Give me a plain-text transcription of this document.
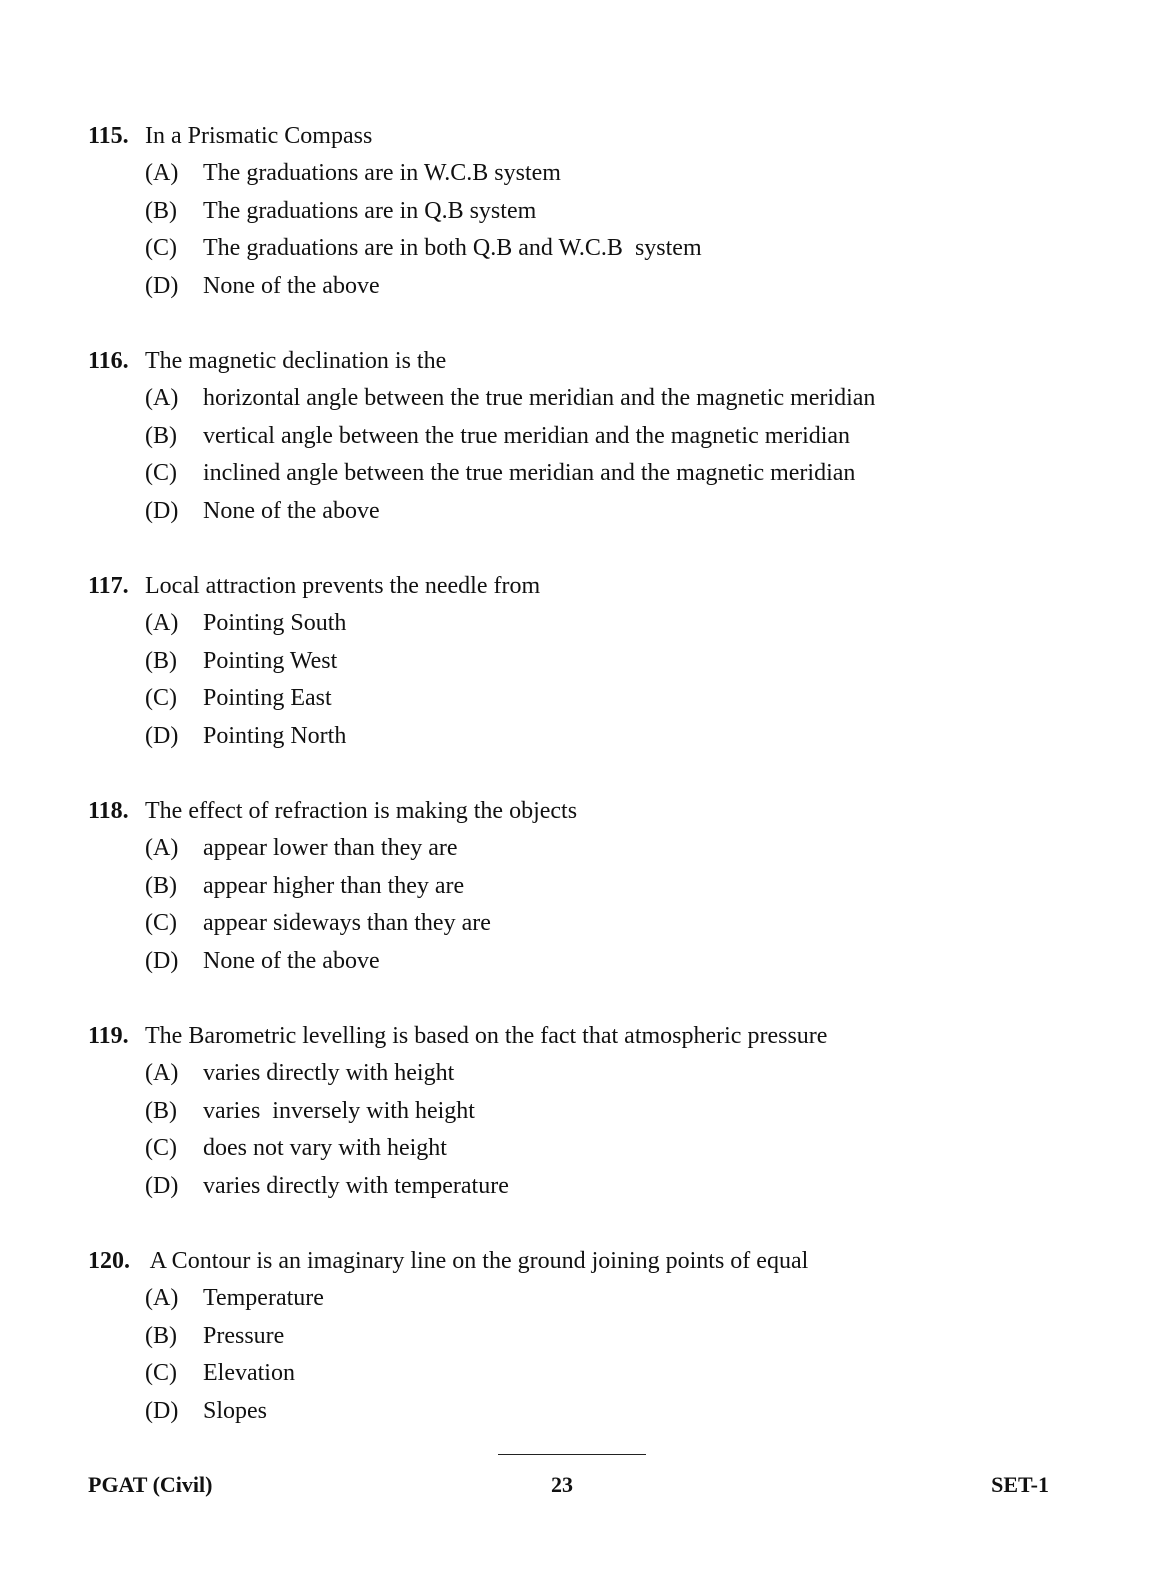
115. In a Prismatic Compass
(A)	The graduations are in W.C.B system
(B)	The graduations are in Q.B system
(C)	The graduations are in both Q.B and W.C.B  system
(D)	None of the above
116. The magnetic declination is the
(A)	horizontal angle between the true meridian and the magnetic meridian
(B)	vertical angle between the true meridian and the magnetic meridian
(C)	inclined angle between the true meridian and the magnetic meridian
(D)	None of the above
117. Local attraction prevents the needle from
(A)	Pointing South
(B)	Pointing West
(C)	Pointing East
(D)	Pointing North
118. The effect of refraction is making the objects
(A)	appear lower than they are
(B)	appear higher than they are
(C)	appear sideways than they are
(D)	None of the above
119. The Barometric levelling is based on the fact that atmospheric pressure
(A)	varies directly with height
(B)	varies  inversely with height
(C)	does not vary with height
(D)	varies directly with temperature
120. A Contour is an imaginary line on the ground joining points of equal
(A)	Temperature
(B)	Pressure
(C)	Elevation
(D)	Slopes
PGAT (Civil)	23	SET-1
